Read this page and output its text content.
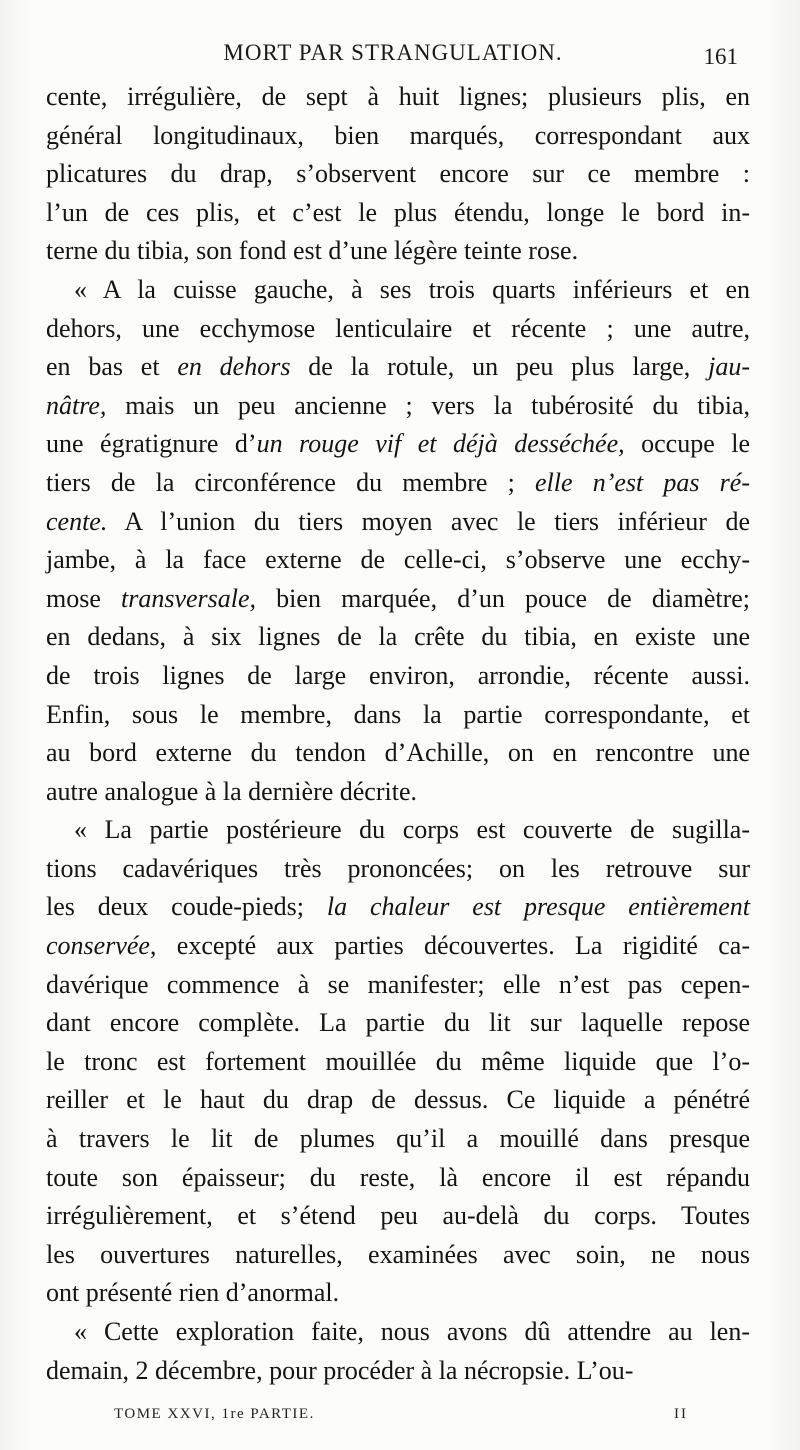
MORT PAR STRANGULATION.	161
cente, irrégulière, de sept à huit lignes; plusieurs plis, en
général longitudinaux, bien marqués, correspondant aux
plicatures du drap, s’observent encore sur ce membre :
l’un de ces plis, et c’est le plus étendu, longe le bord in-
terne du tibia, son fond est d’une légère teinte rose.
« A la cuisse gauche, à ses trois quarts inférieurs et en
dehors, une ecchymose lenticulaire et récente ; une autre,
en bas et en dehors de la rotule, un peu plus large, jau-
nâtre, mais un peu ancienne ; vers la tubérosité du tibia,
une égratignure d’un rouge vif et déjà desséchée, occupe le
tiers de la circonférence du membre ; elle n’est pas ré-
cente. A l’union du tiers moyen avec le tiers inférieur de
jambe, à la face externe de celle-ci, s’observe une ecchy-
mose transversale, bien marquée, d’un pouce de diamètre;
en dedans, à six lignes de la crête du tibia, en existe une
de trois lignes de large environ, arrondie, récente aussi.
Enfin, sous le membre, dans la partie correspondante, et
au bord externe du tendon d’Achille, on en rencontre une
autre analogue à la dernière décrite.
« La partie postérieure du corps est couverte de sugilla-
tions cadavériques très prononcées; on les retrouve sur
les deux coude-pieds; la chaleur est presque entièrement
conservée, excepté aux parties découvertes. La rigidité ca-
davérique commence à se manifester; elle n’est pas cepen-
dant encore complète. La partie du lit sur laquelle repose
le tronc est fortement mouillée du même liquide que l’o-
reiller et le haut du drap de dessus. Ce liquide a pénétré
à travers le lit de plumes qu’il a mouillé dans presque
toute son épaisseur; du reste, là encore il est répandu
irrégulièrement, et s’étend peu au-delà du corps. Toutes
les ouvertures naturelles, examinées avec soin, ne nous
ont présenté rien d’anormal.
« Cette exploration faite, nous avons dû attendre au len-
demain, 2 décembre, pour procéder à la nécropsie. L’ou-
TOME XXVI, 1re PARTIE.	II
